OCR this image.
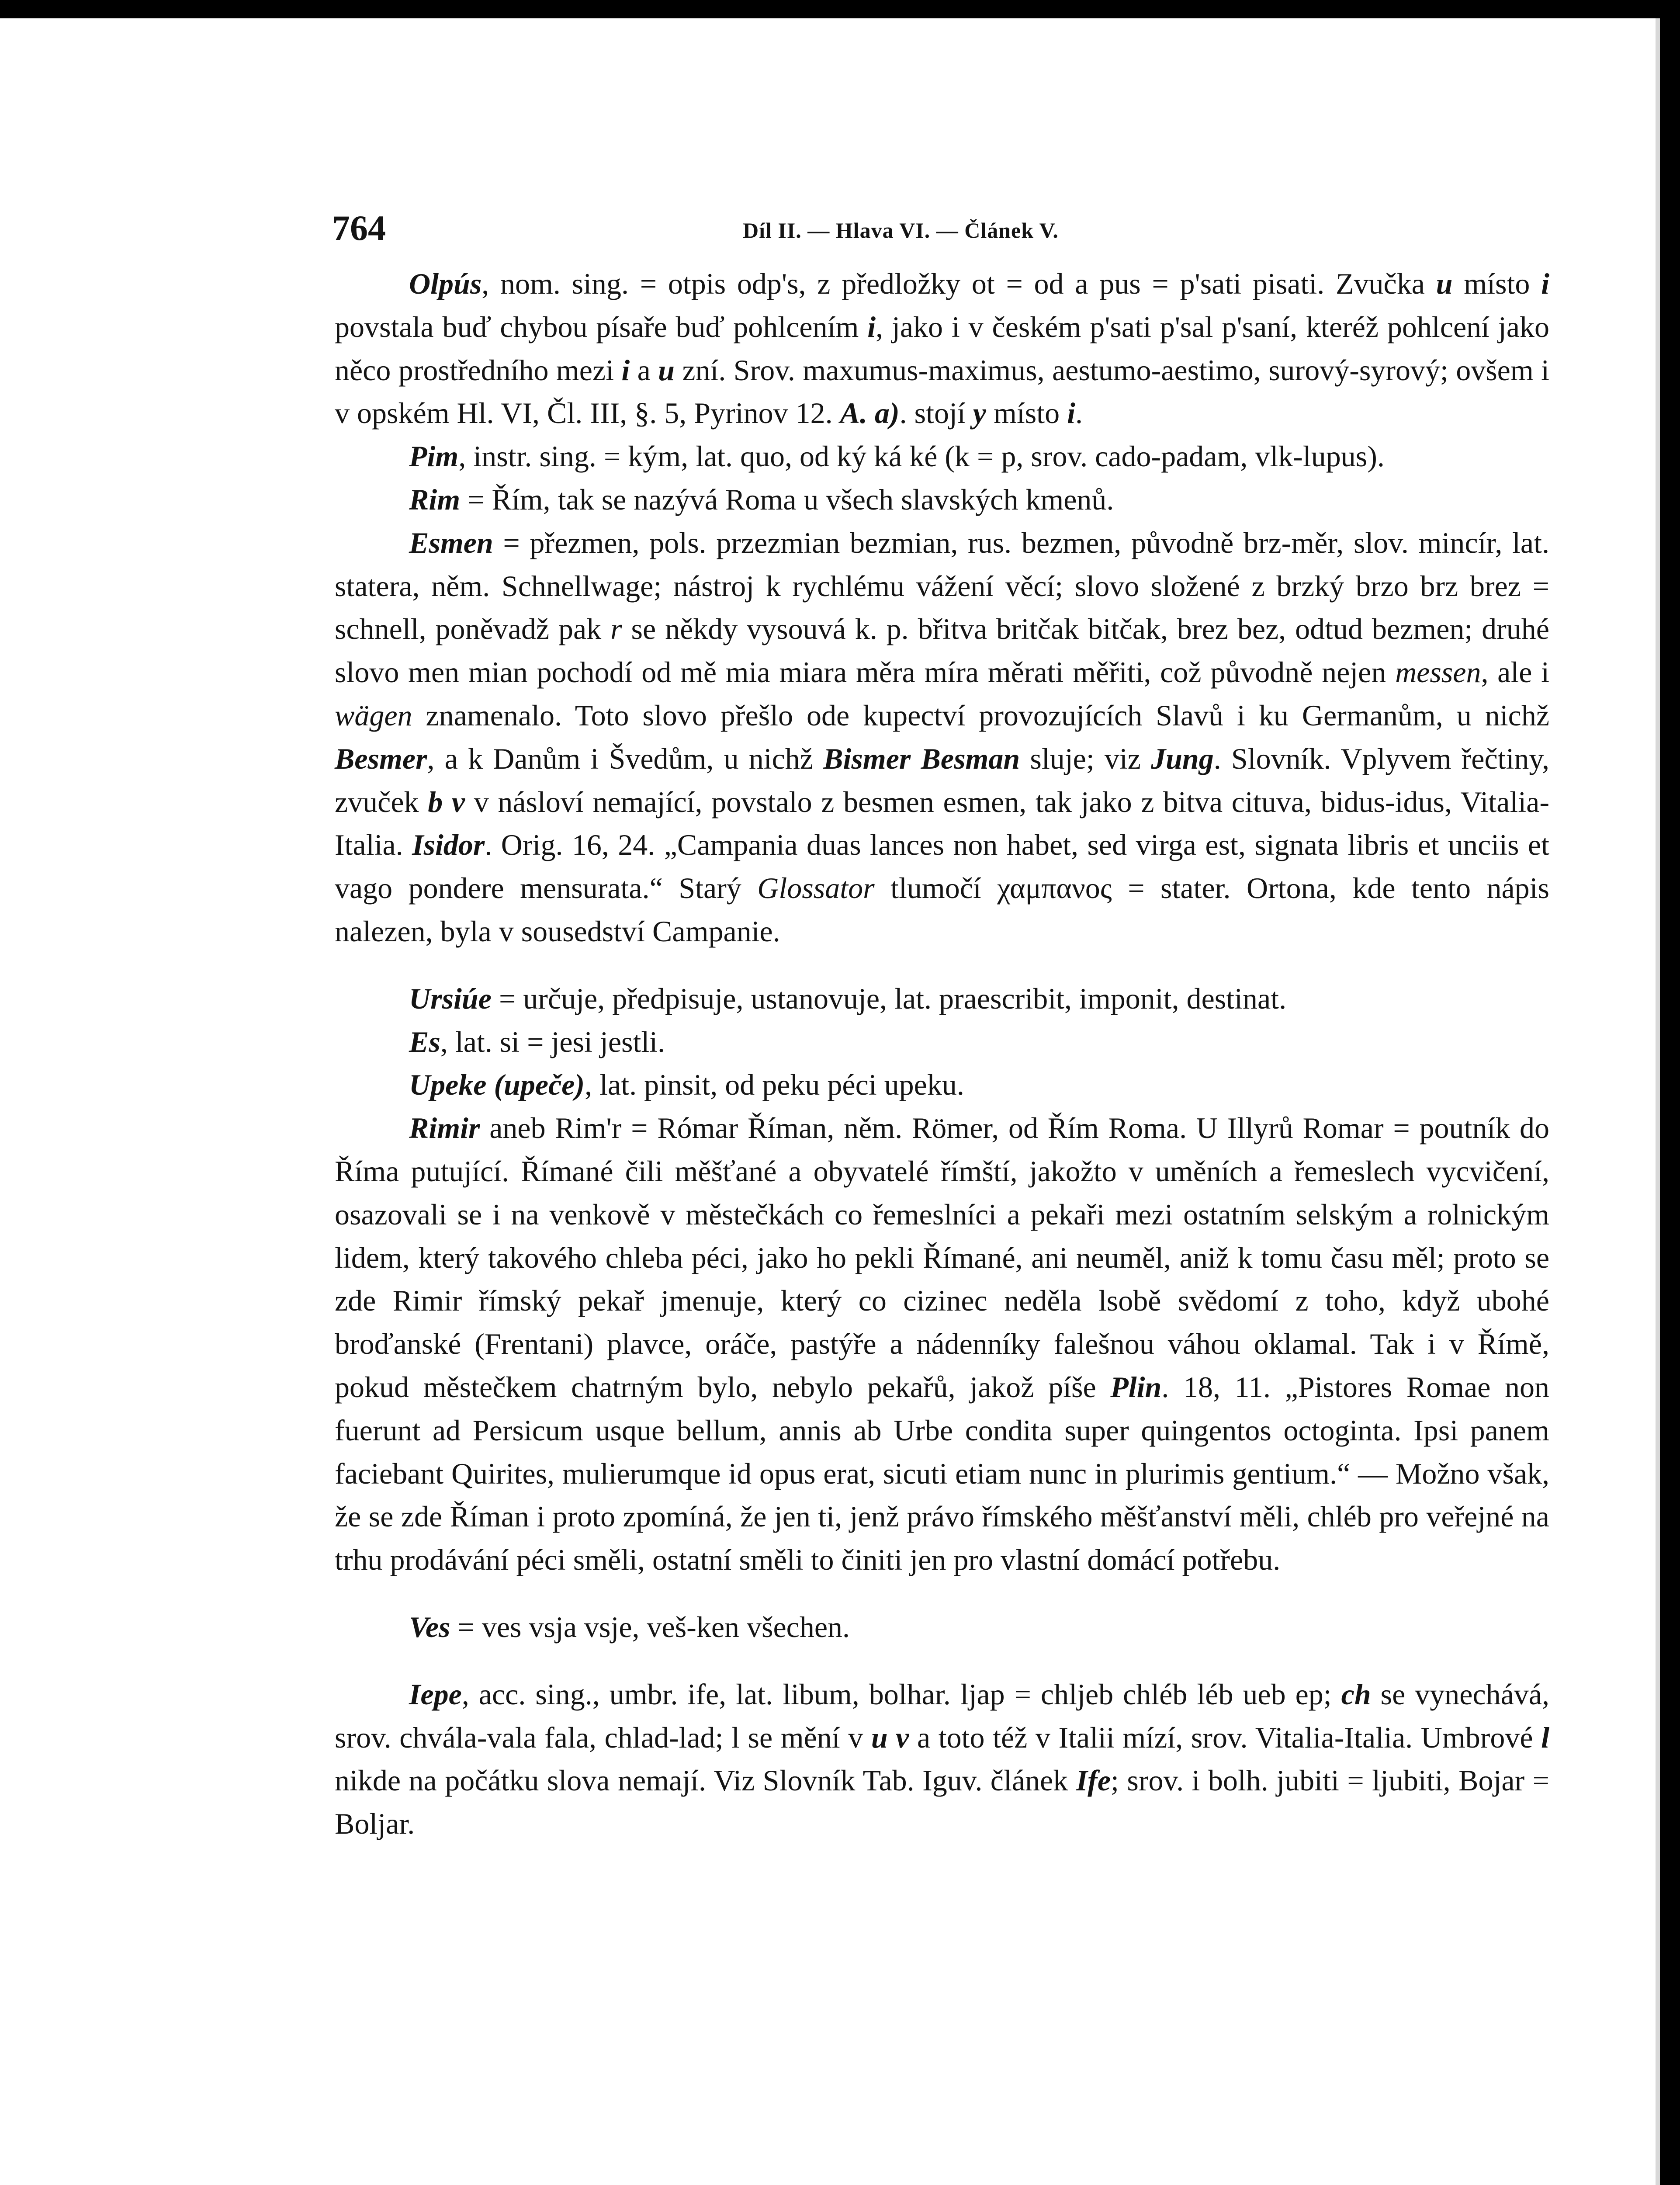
764	Díl II. — Hlava VI. — Článek V.

Olpús, nom. sing. = otpis odp's, z předložky ot = od a pus = p'sati pisati. Zvučka u místo i povstala buď chybou písaře buď pohlcením i, jako i v českém p'sati p'sal p'saní, kteréž pohlcení jako něco prostředního mezi i a u zní. Srov. maxumus-maximus, aestumo-aestimo, surový-syrový; ovšem i v opském Hl. VI, Čl. III, §. 5, Pyrinov 12. A. a). stojí y místo i.

Pim, instr. sing. = kým, lat. quo, od ký ká ké (k = p, srov. cado-padam, vlk-lupus).

Rim = Řím, tak se nazývá Roma u všech slavských kmenů.

Esmen = přezmen, pols. przezmian bezmian, rus. bezmen, původně brz-měr, slov. mincír, lat. statera, něm. Schnellwage; nástroj k rychlému vážení věcí; slovo složené z brzký brzo brz brez = schnell, poněvadž pak r se někdy vysouvá k. p. břitva britčak bitčak, brez bez, odtud bezmen; druhé slovo men mian pochodí od mě mia miara měra míra měrati měřiti, což původně nejen messen, ale i wägen znamenalo. Toto slovo přešlo ode kupectví provozujících Slavů i ku Germanům, u nichž Besmer, a k Danům i Švedům, u nichž Bismer Besman sluje; viz Jung. Slovník. Vplyvem řečtiny, zvuček b v v násloví nemající, povstalo z besmen esmen, tak jako z bitva cituva, bidus-idus, Vitalia-Italia. Isidor. Orig. 16, 24. „Campania duas lances non habet, sed virga est, signata libris et unciis et vago pondere mensurata.“ Starý Glossator tlumočí χαμπανος = stater. Ortona, kde tento nápis nalezen, byla v sousedství Campanie.

Ursiúe = určuje, předpisuje, ustanovuje, lat. praescribit, imponit, destinat.

Es, lat. si = jesi jestli.

Upeke (upeče), lat. pinsit, od peku péci upeku.

Rimir aneb Rim'r = Rómar Říman, něm. Römer, od Řím Roma. U Illyrů Romar = poutník do Říma putující. Římané čili měšťané a obyvatelé římští, jakožto v uměních a řemeslech vycvičení, osazovali se i na venkově v městečkách co řemeslníci a pekaři mezi ostatním selským a rolnickým lidem, který takového chleba péci, jako ho pekli Římané, ani neuměl, aniž k tomu času měl; proto se zde Rimir římský pekař jmenuje, který co cizinec neděla lsobě svědomí z toho, když ubohé broďanské (Frentani) plavce, oráče, pastýře a nádenníky falešnou váhou oklamal. Tak i v Římě, pokud městečkem chatrným bylo, nebylo pekařů, jakož píše Plin. 18, 11. „Pistores Romae non fuerunt ad Persicum usque bellum, annis ab Urbe condita super quingentos octoginta. Ipsi panem faciebant Quirites, mulierumque id opus erat, sicuti etiam nunc in plurimis gentium.“ — Možno však, že se zde Říman i proto zpomíná, že jen ti, jenž právo římského měšťanství měli, chléb pro veřejné na trhu prodávání péci směli, ostatní směli to činiti jen pro vlastní domácí potřebu.

Ves = ves vsja vsje, veš-ken všechen.

Iepe, acc. sing., umbr. ife, lat. libum, bolhar. ljap = chljeb chléb léb ueb ep; ch se vynechává, srov. chvála-vala fala, chlad-lad; l se mění v u v a toto též v Italii mízí, srov. Vitalia-Italia. Umbrové l nikde na počátku slova nemají. Viz Slovník Tab. Iguv. článek Ife; srov. i bolh. jubiti = ljubiti, Bojar = Boljar.
